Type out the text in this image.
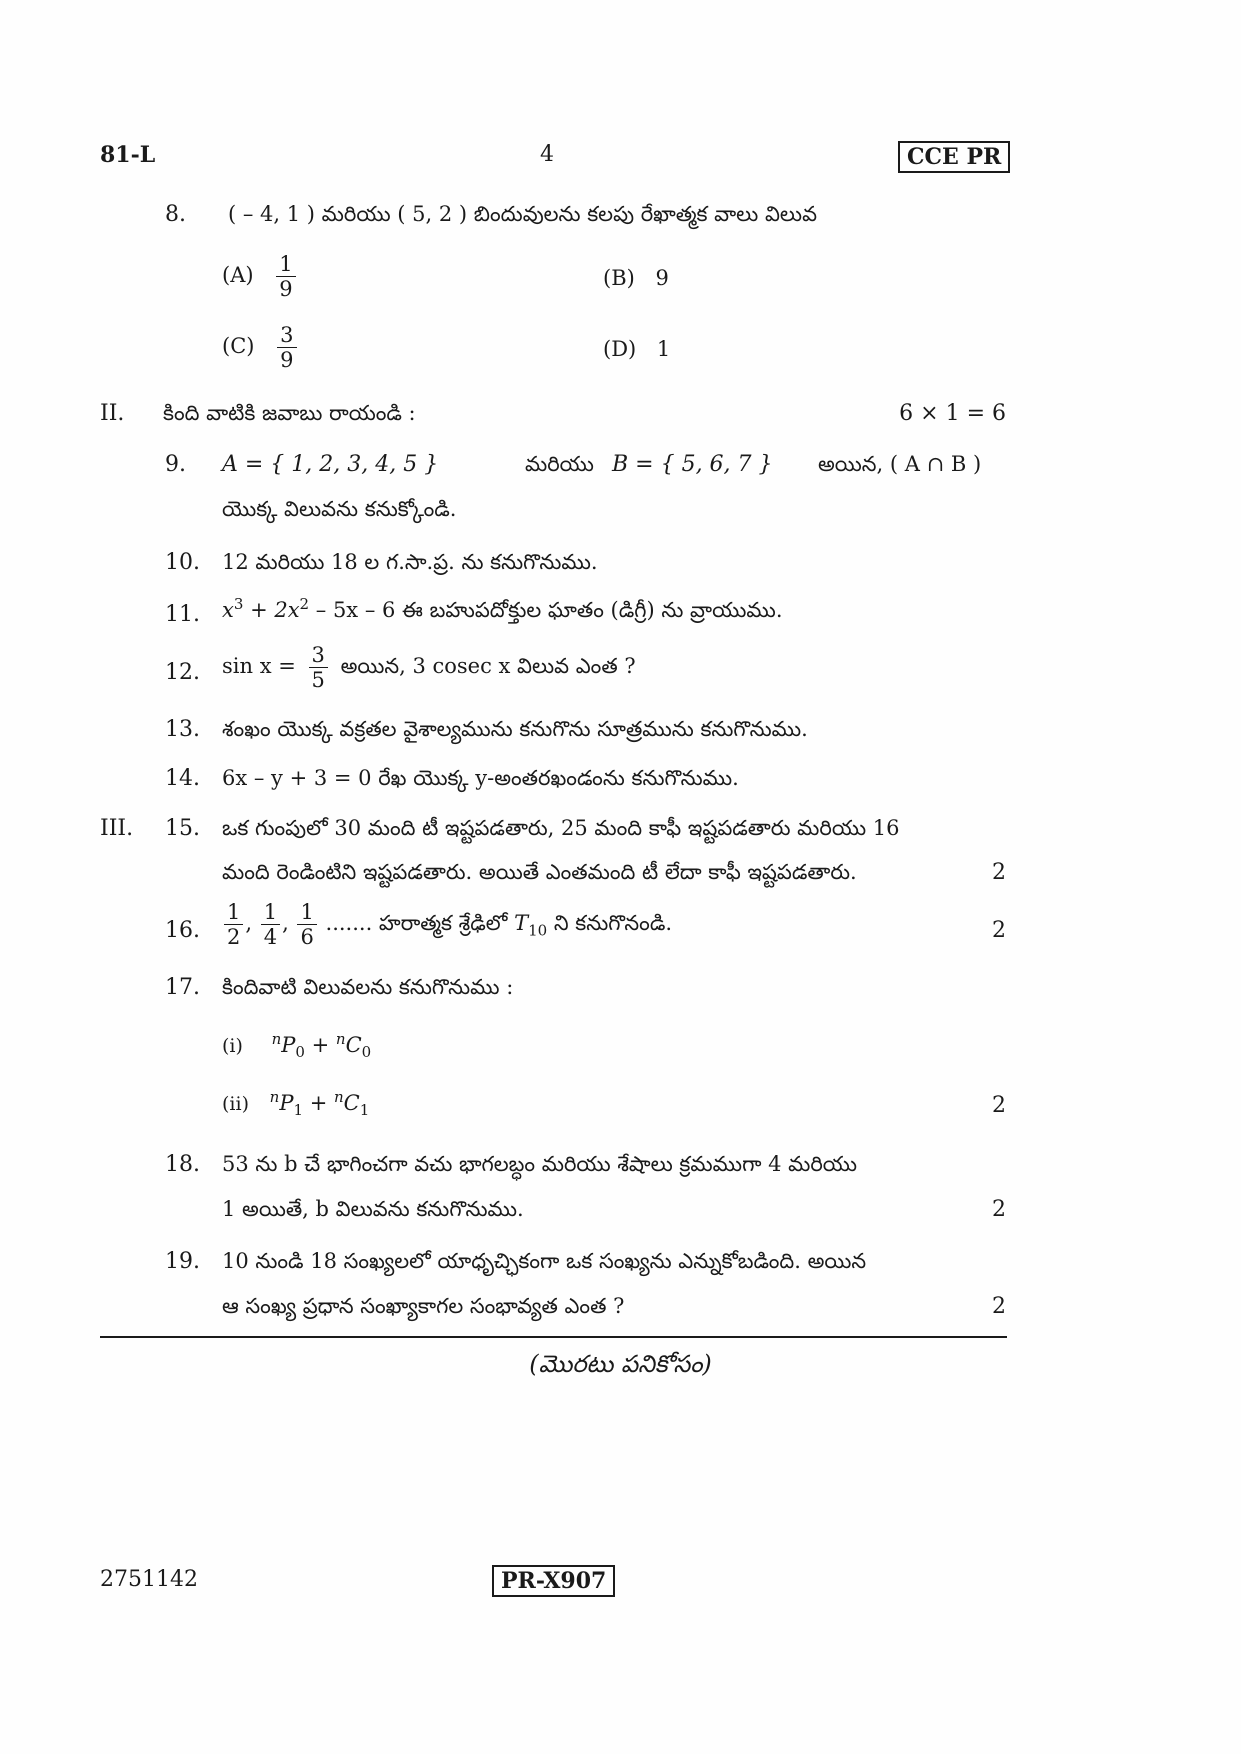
81-L	4	CCE PR
8. ( – 4, 1 ) మరియు ( 5, 2 ) బిందువులను కలపు రేఖాత్మక వాలు విలువ
$(A) \frac{1}{9}$	(B) 9
$(C) \frac{3}{9}$	(D) 1
II. కింది వాటికి జవాబు రాయండి :	6 × 1 = 6
9. A = { 1, 2, 3, 4, 5 }	మరియు B = { 5, 6, 7 } అయిన, ( A ∩ B )
యొక్క విలువను కనుక్కోండి.
10. 12 మరియు 18 ల గ.సా.ప్ర. ను కనుగొనుము.
11. $x^3 + 2x^2 - 5x - 6$ ఈ బహుపదోక్తుల ఘాతం (డిగ్రీ) ను వ్రాయుము.
12. $\sin x = \frac{3}{5}$ అయిన, 3 cosec x విలువ ఎంత ?
13. శంఖం యొక్క వక్రతల వైశాల్యమును కనుగొను సూత్రమును కనుగొనుము.
14. 6x – y + 3 = 0 రేఖ యొక్క y-అంతరఖండంను కనుగొనుము.
III. 15. ఒక గుంపులో 30 మంది టీ ఇష్టపడతారు, 25 మంది కాఫీ ఇష్టపడతారు మరియు 16
మంది రెండింటిని ఇష్టపడతారు. అయితే ఎంతమంది టీ లేదా కాఫీ ఇష్టపడతారు.	2
16. $\frac{1}{2}$ , $\frac{1}{4}$ , $\frac{1}{6}$ ....... హరాత్మక శ్రేఢిలో $T_{10}$ ని కనుగొనండి.	2
17. కిందివాటి విలువలను కనుగొనుము :
(i) $^nP_0 + ^nC_0$
(ii) $^nP_1 + ^nC_1$	2
18. 53 ను b చే భాగించగా వచు భాగలబ్ధం మరియు శేషాలు క్రమముగా 4 మరియు
1 అయితే, b విలువను కనుగొనుము.	2
19. 10 నుండి 18 సంఖ్యలలో యాధృచ్ఛికంగా ఒక సంఖ్యను ఎన్నుకోబడింది. అయిన
ఆ సంఖ్య ప్రధాన సంఖ్యాకాగల సంభావ్యత ఎంత ?	2
(మొరటు పనికోసం)
2751142	PR-X907
